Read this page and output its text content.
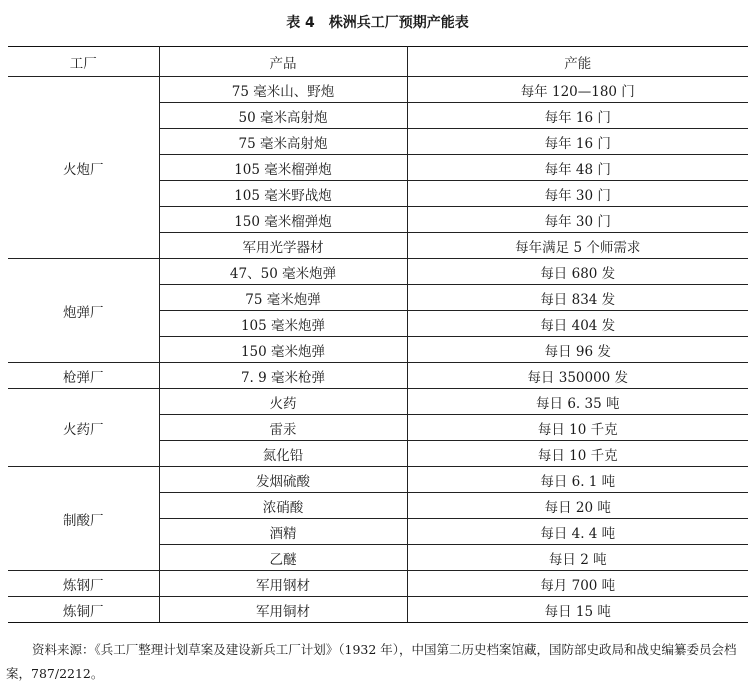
表 4 株洲兵工厂预期产能表
工厂	产品	产能
火炮厂	75 毫米山、野炮	每年 120—180 门
	50 毫米高射炮	每年 16 门
	75 毫米高射炮	每年 16 门
	105 毫米榴弹炮	每年 48 门
	105 毫米野战炮	每年 30 门
	150 毫米榴弹炮	每年 30 门
	军用光学器材	每年满足 5 个师需求
炮弹厂	47、50 毫米炮弹	每日 680 发
	75 毫米炮弹	每日 834 发
	105 毫米炮弹	每日 404 发
	150 毫米炮弹	每日 96 发
枪弹厂	7. 9 毫米枪弹	每日 350000 发
火药厂	火药	每日 6. 35 吨
	雷汞	每日 10 千克
	氮化铅	每日 10 千克
制酸厂	发烟硫酸	每日 6. 1 吨
	浓硝酸	每日 20 吨
	酒精	每日 4. 4 吨
	乙醚	每日 2 吨
炼钢厂	军用钢材	每月 700 吨
炼铜厂	军用铜材	每日 15 吨
资料来源：《兵工厂整理计划草案及建设新兵工厂计划》（1932 年），中国第二历史档案馆藏，国防部史政局和战史编纂委员会档案，787/2212。
